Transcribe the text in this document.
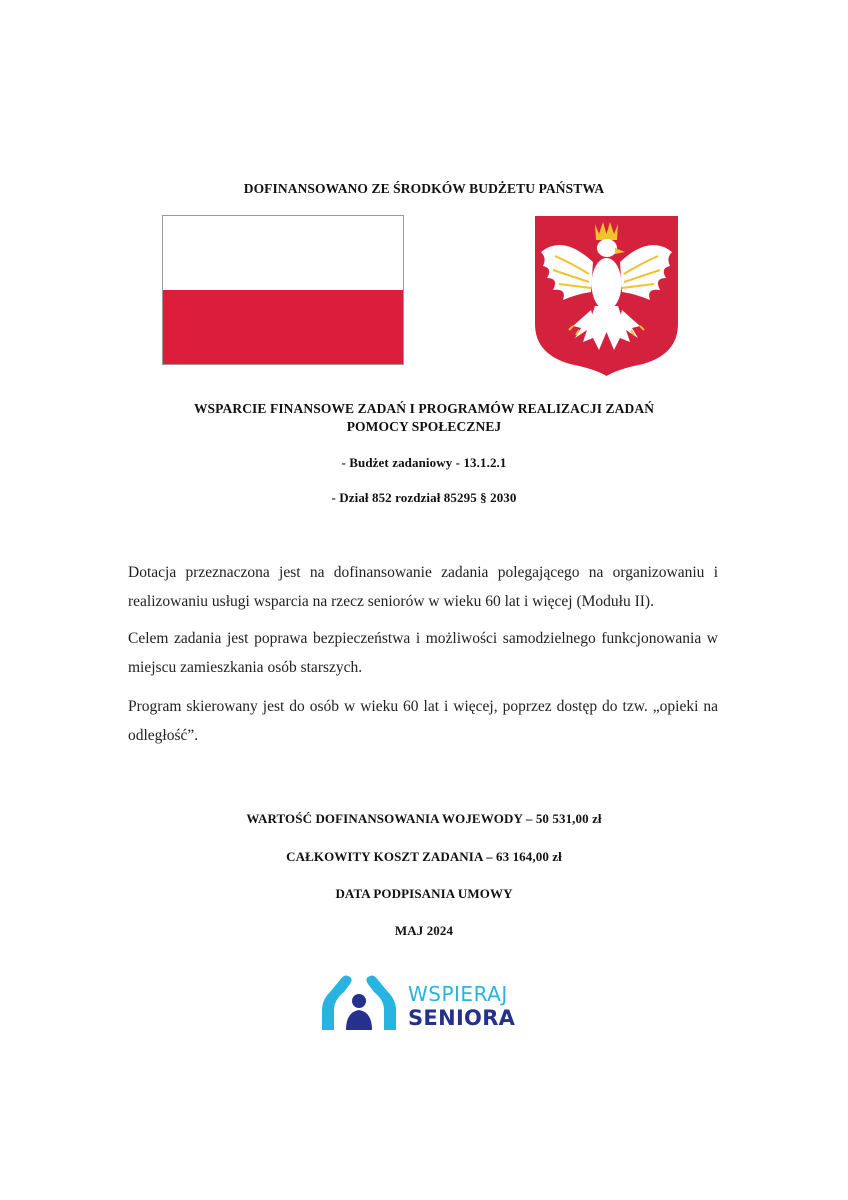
DOFINANSOWANO ZE ŚRODKÓW BUDŻETU PAŃSTWA
WSPARCIE FINANSOWE ZADAŃ I PROGRAMÓW REALIZACJI ZADAŃ
POMOCY SPOŁECZNEJ
- Budżet zadaniowy - 13.1.2.1
- Dział 852 rozdział 85295 § 2030
Dotacja przeznaczona jest na dofinansowanie zadania polegającego na organizowaniu i realizowaniu usługi wsparcia na rzecz seniorów w wieku 60 lat i więcej (Modułu II).
Celem zadania jest poprawa bezpieczeństwa i możliwości samodzielnego funkcjonowania w miejscu zamieszkania osób starszych.
Program skierowany jest do osób w wieku 60 lat i więcej, poprzez dostęp do tzw. „opieki na odległość”.
WARTOŚĆ DOFINANSOWANIA WOJEWODY – 50 531,00 zł
CAŁKOWITY KOSZT ZADANIA – 63 164,00 zł
DATA PODPISANIA UMOWY
MAJ 2024
WSPIERAJ
SENIORA
